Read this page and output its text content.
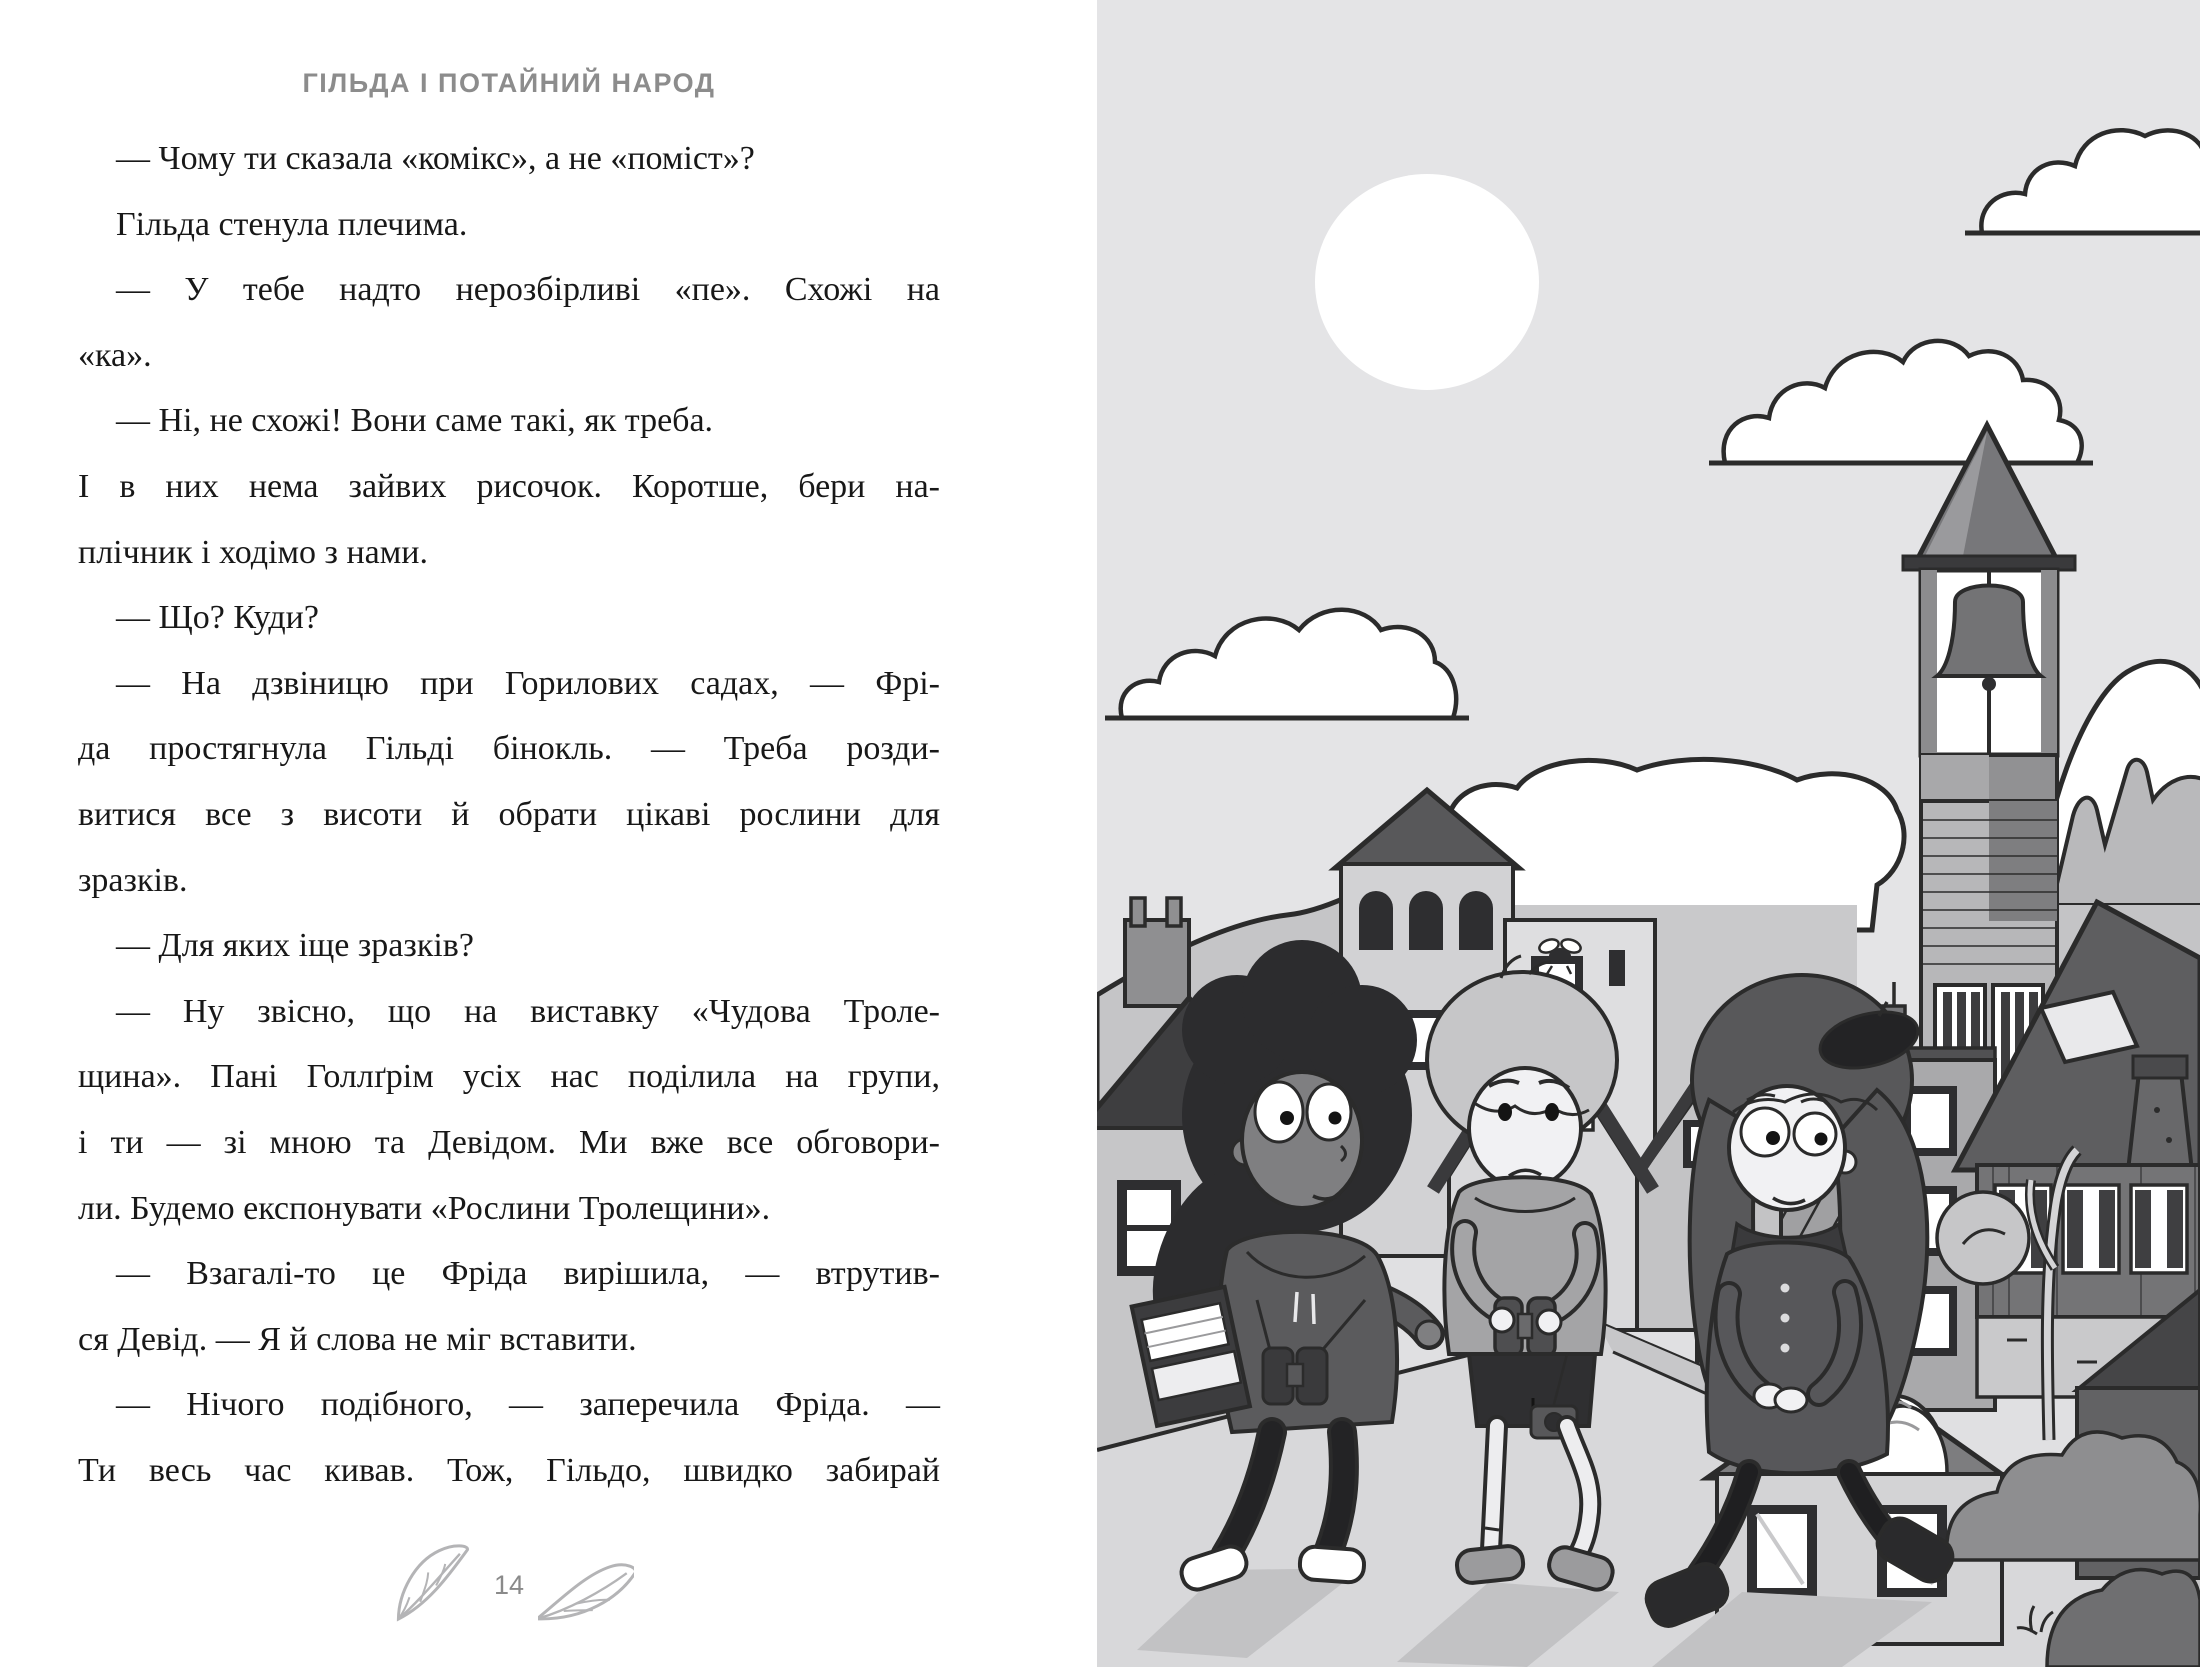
ГІЛЬДА І ПОТАЙНИЙ НАРОД
— Чому ти сказала «комікс», а не «поміст»?
Гільда стенула плечима.
— У тебе надто нерозбірливі «пе». Схожі на
«ка».
— Ні, не схожі! Вони саме такі, як треба.
І в них нема зайвих рисочок. Коротше, бери на-
плічник і ходімо з нами.
— Що? Куди?
— На дзвіницю при Горилових садах, — Фрі-
да простягнула Гільді бінокль. — Треба розди-
витися все з висоти й обрати цікаві рослини для
зразків.
— Для яких іще зразків?
— Ну звісно, що на виставку «Чудова Троле-
щина». Пані Голлґрім усіх нас поділила на групи,
і ти — зі мною та Девідом. Ми вже все обговори-
ли. Будемо експонувати «Рослини Тролещини».
— Взагалі-то це Фріда вирішила, — втрутив-
ся Девід. — Я й слова не міг вставити.
— Нічого подібного, — заперечила Фріда. —
Ти весь час кивав. Тож, Гільдо, швидко забирай
14
